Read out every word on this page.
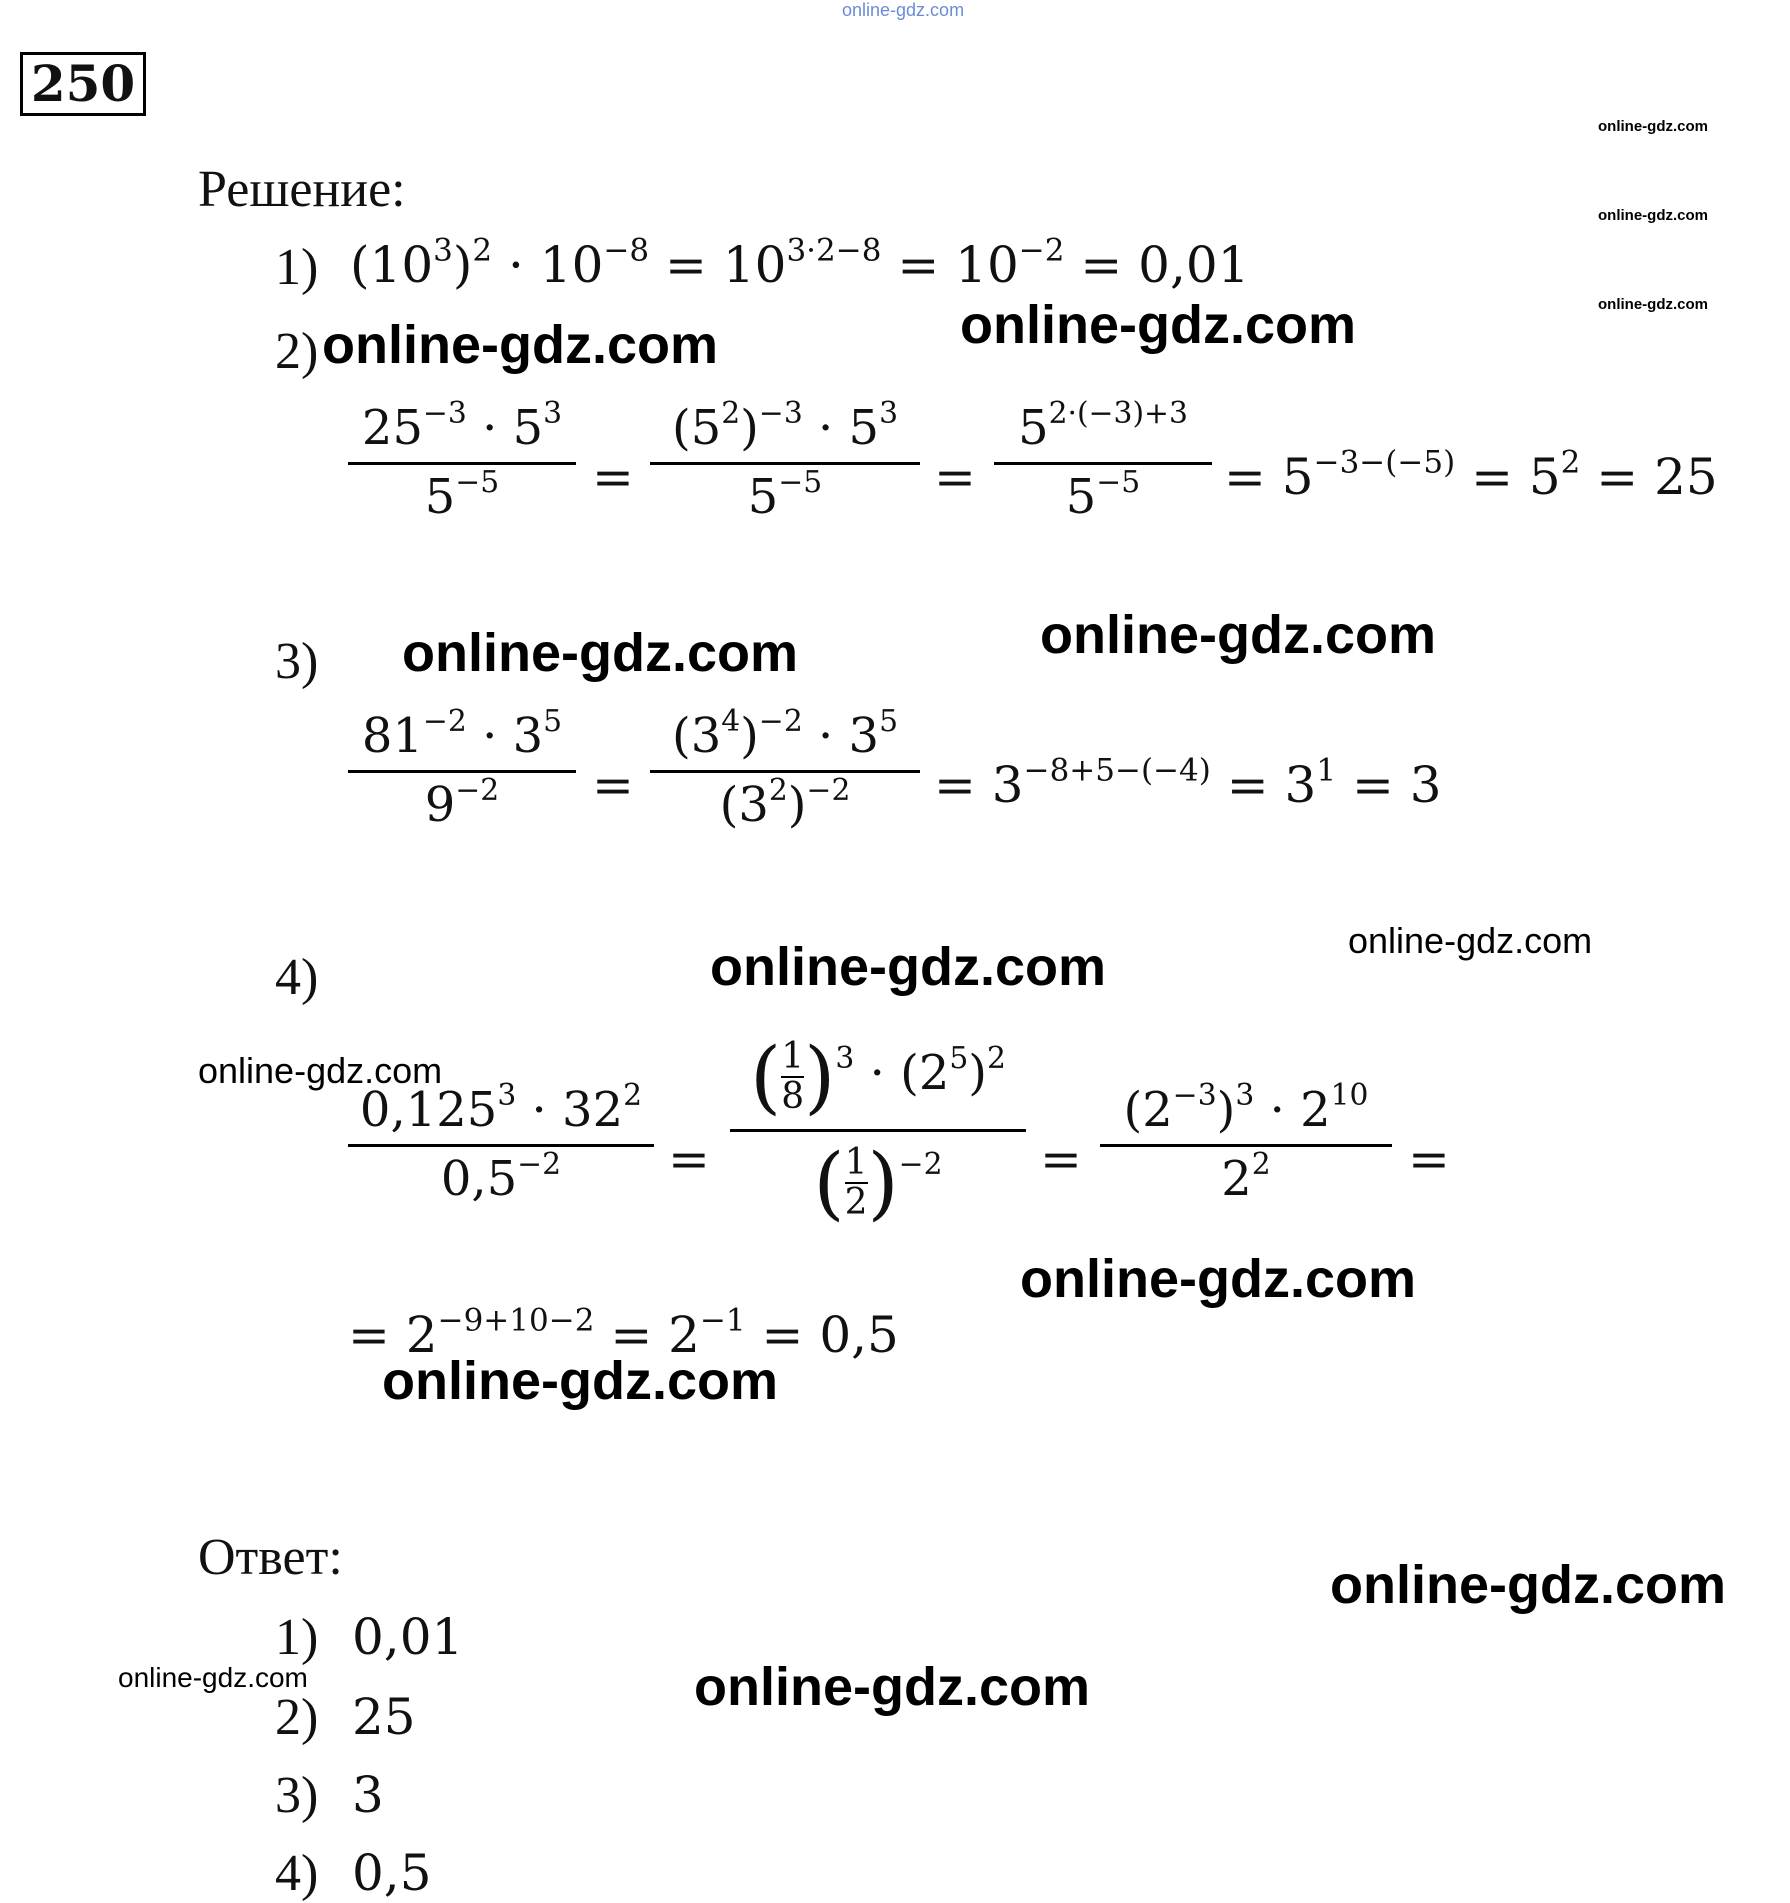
online-gdz.com
250
online-gdz.com
online-gdz.com
online-gdz.com
Решение:
1) $(10^3)^2 \cdot 10^{-8} = 10^{3\cdot 2-8} = 10^{-2} = 0,01$
2) online-gdz.com	online-gdz.com
$25^{-3} \cdot 5^3$
$5^{-5}$	=
$(5^2)^{-3} \cdot 5^3$
$5^{-5}$	=
$5^{2\cdot(-3)+3}$
$5^{-5}$	= $5^{-3-(-5)} = 5^2 = 25$
3) online-gdz.com	online-gdz.com
$81^{-2} \cdot 3^5$
$9^{-2}$	=
$(3^4)^{-2} \cdot 3^5$
$(3^2)^{-2}$	= $3^{-8+5-(-4)} = 3^1 = 3$
4)	online-gdz.com	online-gdz.com
online-gdz.com
$0,125^3 \cdot 32^2$
$0,5^{-2}$	=
( $\frac{1}{8} )^3 \cdot (2^5)^2$
( $\frac{1}{2} )^{-2}$	=
$(2^{-3})^3 \cdot 2^{10}$
$2^2$	=
online-gdz.com
= $2^{-9+10-2} = 2^{-1} = 0,5$
online-gdz.com
Ответ:	online-gdz.com
1) 0,01
online-gdz.com	online-gdz.com
2) 25
3) 3
4) 0,5
